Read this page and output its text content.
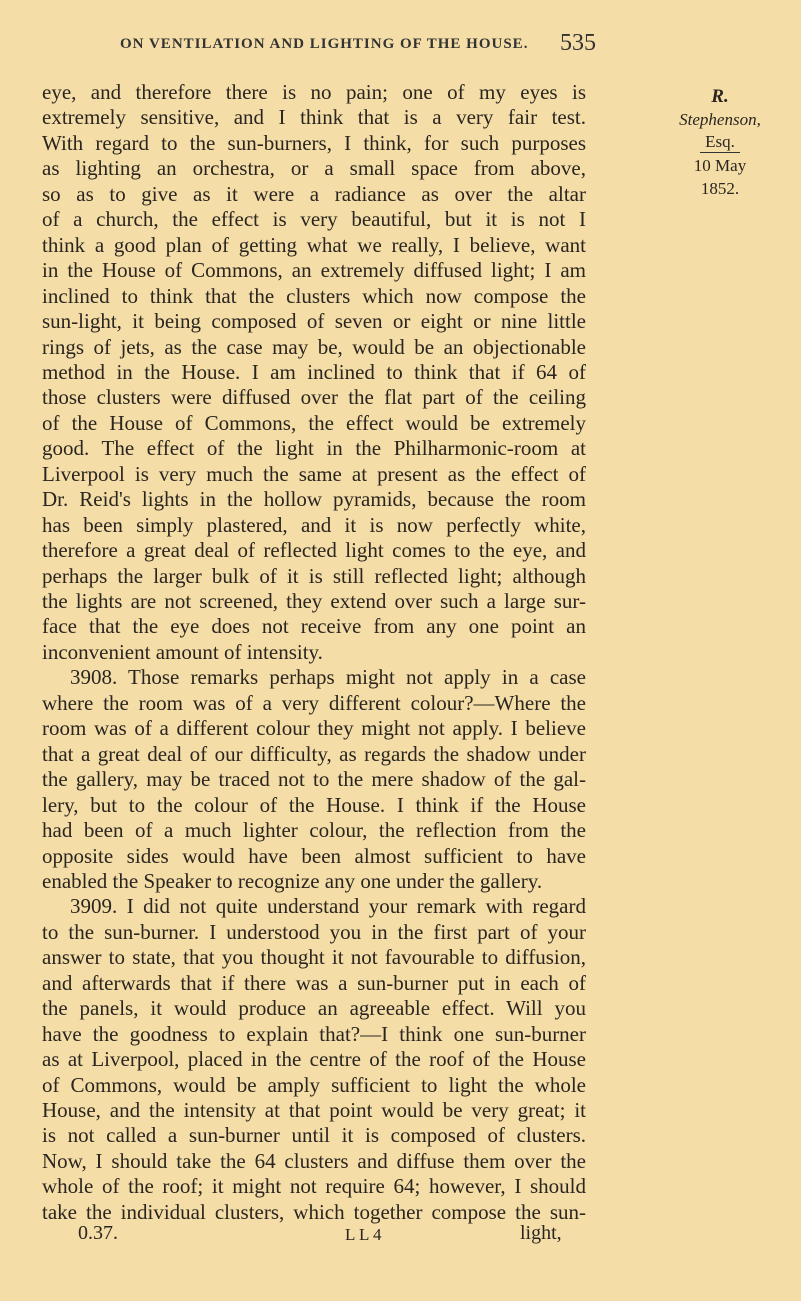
ON VENTILATION AND LIGHTING OF THE HOUSE. 535
R.
Stephenson,
Esq.
10 May
1852.
eye, and therefore there is no pain; one of my eyes is
extremely sensitive, and I think that is a very fair test.
With regard to the sun-burners, I think, for such purposes
as lighting an orchestra, or a small space from above,
so as to give as it were a radiance as over the altar
of a church, the effect is very beautiful, but it is not I
think a good plan of getting what we really, I believe, want
in the House of Commons, an extremely diffused light; I am
inclined to think that the clusters which now compose the
sun-light, it being composed of seven or eight or nine little
rings of jets, as the case may be, would be an objectionable
method in the House. I am inclined to think that if 64 of
those clusters were diffused over the flat part of the ceiling
of the House of Commons, the effect would be extremely
good. The effect of the light in the Philharmonic-room at
Liverpool is very much the same at present as the effect of
Dr. Reid's lights in the hollow pyramids, because the room
has been simply plastered, and it is now perfectly white,
therefore a great deal of reflected light comes to the eye, and
perhaps the larger bulk of it is still reflected light; although
the lights are not screened, they extend over such a large sur-
face that the eye does not receive from any one point an
inconvenient amount of intensity.
3908. Those remarks perhaps might not apply in a case
where the room was of a very different colour?—Where the
room was of a different colour they might not apply. I believe
that a great deal of our difficulty, as regards the shadow under
the gallery, may be traced not to the mere shadow of the gal-
lery, but to the colour of the House. I think if the House
had been of a much lighter colour, the reflection from the
opposite sides would have been almost sufficient to have
enabled the Speaker to recognize any one under the gallery.
3909. I did not quite understand your remark with regard
to the sun-burner. I understood you in the first part of your
answer to state, that you thought it not favourable to diffusion,
and afterwards that if there was a sun-burner put in each of
the panels, it would produce an agreeable effect. Will you
have the goodness to explain that?—I think one sun-burner
as at Liverpool, placed in the centre of the roof of the House
of Commons, would be amply sufficient to light the whole
House, and the intensity at that point would be very great; it
is not called a sun-burner until it is composed of clusters.
Now, I should take the 64 clusters and diffuse them over the
whole of the roof; it might not require 64; however, I should
take the individual clusters, which together compose the sun-
0.37.	L L 4	light,
